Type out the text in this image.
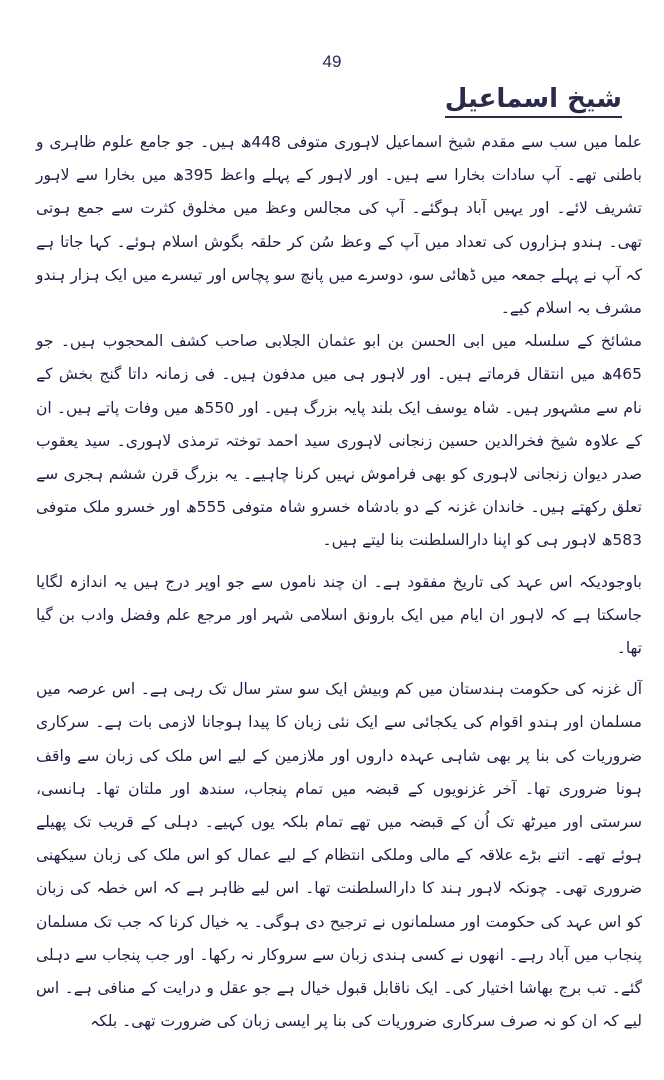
49
شیخ اسماعیل

علما میں سب سے مقدم شیخ اسماعیل لاہوری متوفی 448ھ ہیں۔ جو جامع علوم ظاہری و باطنی تھے۔ آپ سادات بخارا سے ہیں۔ اور لاہور کے پہلے واعظ 395ھ میں بخارا سے لاہور تشریف لائے۔ اور یہیں آباد ہوگئے۔ آپ کی مجالس وعظ میں مخلوق کثرت سے جمع ہوتی تھی۔ ہندو ہزاروں کی تعداد میں آپ کے وعظ سُن کر حلقہ بگوش اسلام ہوئے۔ کہا جاتا ہے کہ آپ نے پہلے جمعہ میں ڈھائی سو، دوسرے میں پانچ سو پچاس اور تیسرے میں ایک ہزار ہندو مشرف بہ اسلام کیے۔

مشائخ کے سلسلہ میں ابی الحسن بن ابو عثمان الجلابی صاحب کشف المحجوب ہیں۔ جو 465ھ میں انتقال فرماتے ہیں۔ اور لاہور ہی میں مدفون ہیں۔ فی زمانہ داتا گنج بخش کے نام سے مشہور ہیں۔ شاہ یوسف ایک بلند پایہ بزرگ ہیں۔ اور 550ھ میں وفات پاتے ہیں۔ ان کے علاوہ شیخ فخرالدین حسین زنجانی لاہوری سید احمد توختہ ترمذی لاہوری۔ سید یعقوب صدر دیوان زنجانی لاہوری کو بھی فراموش نہیں کرنا چاہیے۔ یہ بزرگ قرن ششم ہجری سے تعلق رکھتے ہیں۔ خاندان غزنہ کے دو بادشاہ خسرو شاہ متوفی 555ھ اور خسرو ملک متوفی 583ھ لاہور ہی کو اپنا دارالسلطنت بنا لیتے ہیں۔

باوجودیکہ اس عہد کی تاریخ مفقود ہے۔ ان چند ناموں سے جو اوپر درج ہیں یہ اندازہ لگایا جاسکتا ہے کہ لاہور ان ایام میں ایک بارونق اسلامی شہر اور مرجع علم وفضل وادب بن گیا تھا۔

آل غزنہ کی حکومت ہندستان میں کم وبیش ایک سو ستر سال تک رہی ہے۔ اس عرصہ میں مسلمان اور ہندو اقوام کی یکجائی سے ایک نئی زبان کا پیدا ہوجانا لازمی بات ہے۔ سرکاری ضروریات کی بنا پر بھی شاہی عہدہ داروں اور ملازمین کے لیے اس ملک کی زبان سے واقف ہونا ضروری تھا۔ آخر غزنویوں کے قبضہ میں تمام پنجاب، سندھ اور ملتان تھا۔ ہانسی، سرستی اور میرٹھ تک اُن کے قبضہ میں تھے تمام بلکہ یوں کہیے۔ دہلی کے قریب تک پھیلے ہوئے تھے۔ اتنے بڑے علاقہ کے مالی وملکی انتظام کے لیے عمال کو اس ملک کی زبان سیکھنی ضروری تھی۔ چونکہ لاہور ہند کا دارالسلطنت تھا۔ اس لیے ظاہر ہے کہ اس خطہ کی زبان کو اس عہد کی حکومت اور مسلمانوں نے ترجیح دی ہوگی۔ یہ خیال کرنا کہ جب تک مسلمان پنجاب میں آباد رہے۔ انھوں نے کسی ہندی زبان سے سروکار نہ رکھا۔ اور جب پنجاب سے دہلی گئے۔ تب برج بھاشا اختیار کی۔ ایک ناقابل قبول خیال ہے جو عقل و درایت کے منافی ہے۔ اس لیے کہ ان کو نہ صرف سرکاری ضروریات کی بنا پر ایسی زبان کی ضرورت تھی۔ بلکہ
